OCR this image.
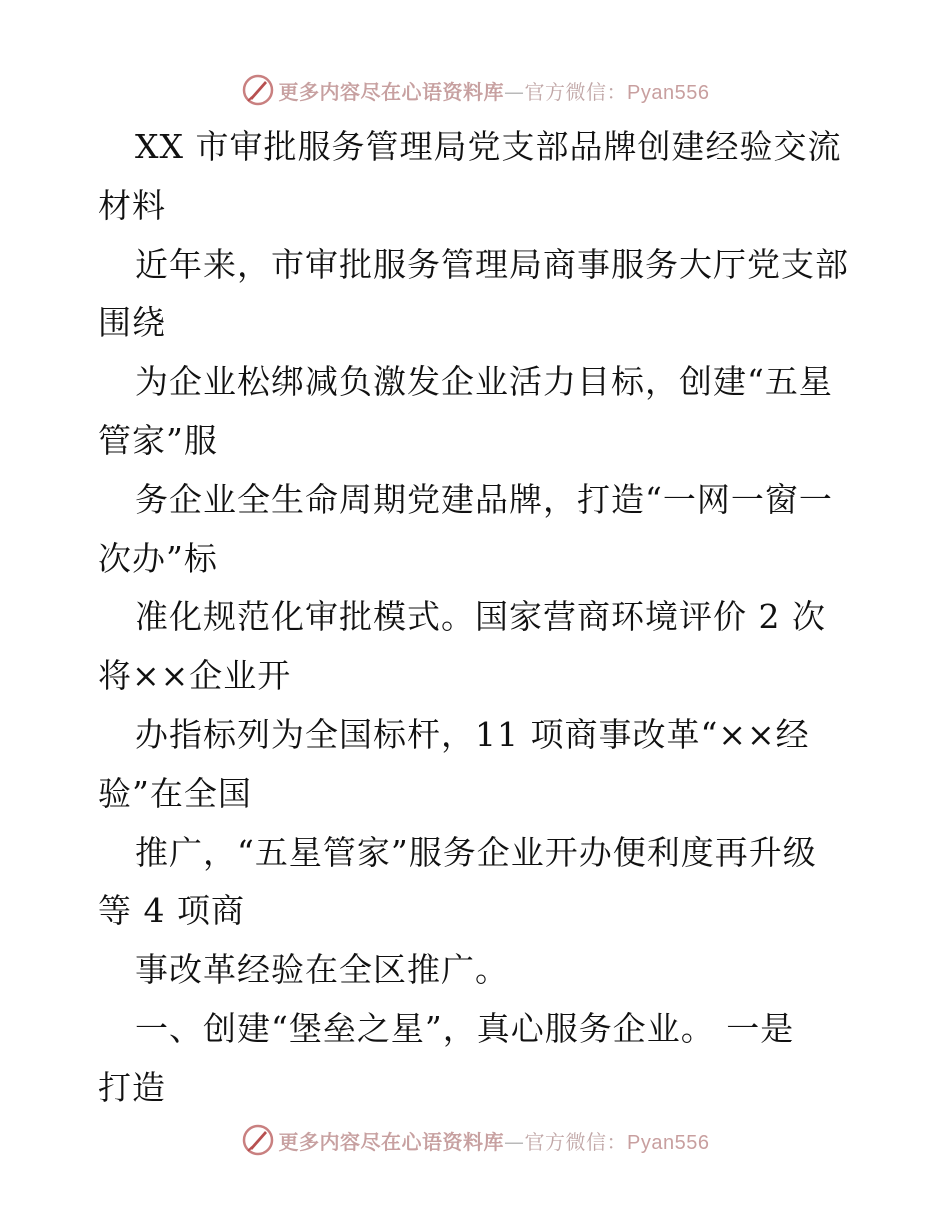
更多内容尽在心语资料库—官方微信：Pyan556
XX 市审批服务管理局党支部品牌创建经验交流
材料
近年来，市审批服务管理局商事服务大厅党支部
围绕
为企业松绑减负激发企业活力目标，创建“五星
管家”服
务企业全生命周期党建品牌，打造“一网一窗一
次办”标
准化规范化审批模式。国家营商环境评价 2 次
将××企业开
办指标列为全国标杆，11 项商事改革“××经
验”在全国
推广，“五星管家”服务企业开办便利度再升级
等 4 项商
事改革经验在全区推广。
一、创建“堡垒之星”，真心服务企业。 一是
打造
更多内容尽在心语资料库—官方微信：Pyan556
